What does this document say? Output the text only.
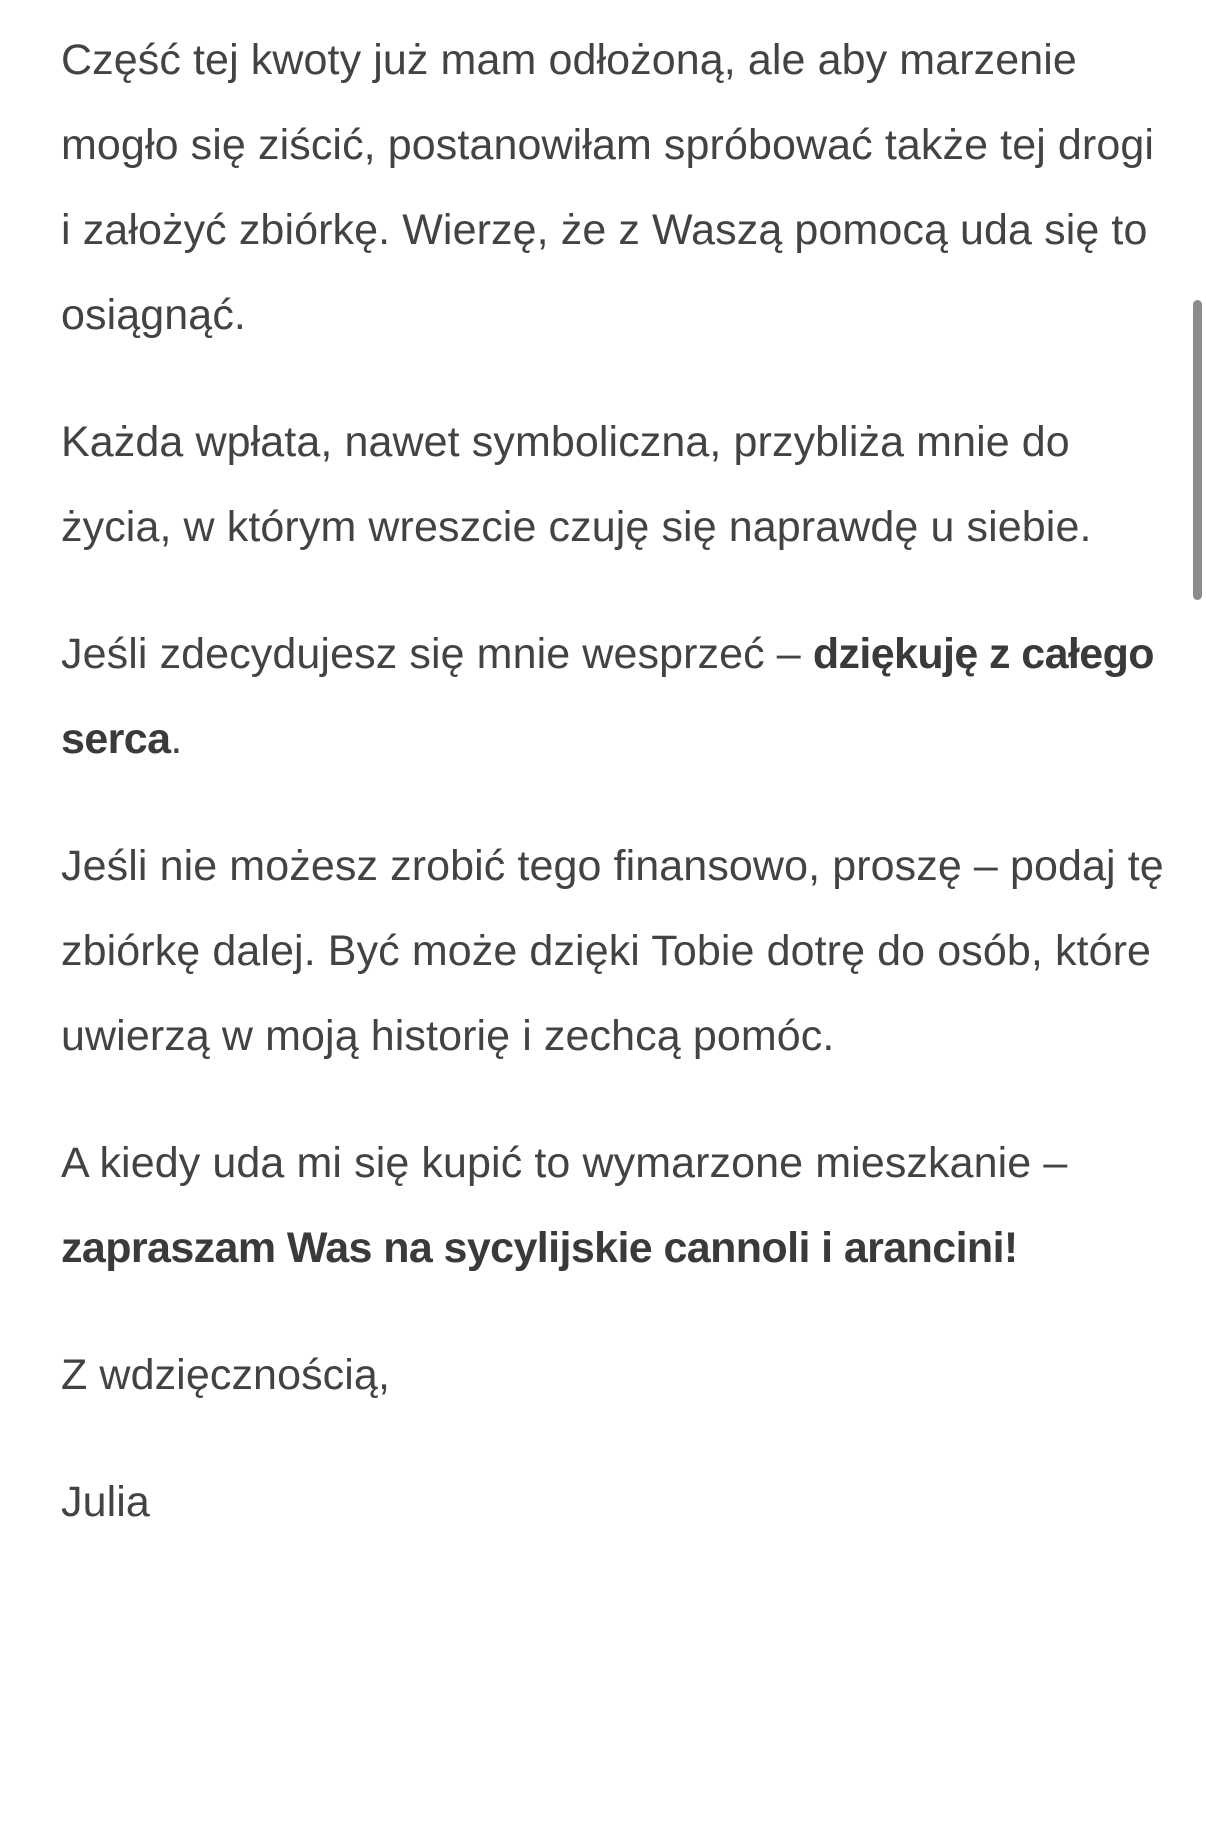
Część tej kwoty już mam odłożoną, ale aby marzenie mogło się ziścić, postanowiłam spróbować także tej drogi i założyć zbiórkę. Wierzę, że z Waszą pomocą uda się to osiągnąć.

Każda wpłata, nawet symboliczna, przybliża mnie do życia, w którym wreszcie czuję się naprawdę u siebie.

Jeśli zdecydujesz się mnie wesprzeć – dziękuję z całego serca.

Jeśli nie możesz zrobić tego finansowo, proszę – podaj tę zbiórkę dalej. Być może dzięki Tobie dotrę do osób, które uwierzą w moją historię i zechcą pomóc.

A kiedy uda mi się kupić to wymarzone mieszkanie – zapraszam Was na sycylijskie cannoli i arancini!

Z wdzięcznością,

Julia
